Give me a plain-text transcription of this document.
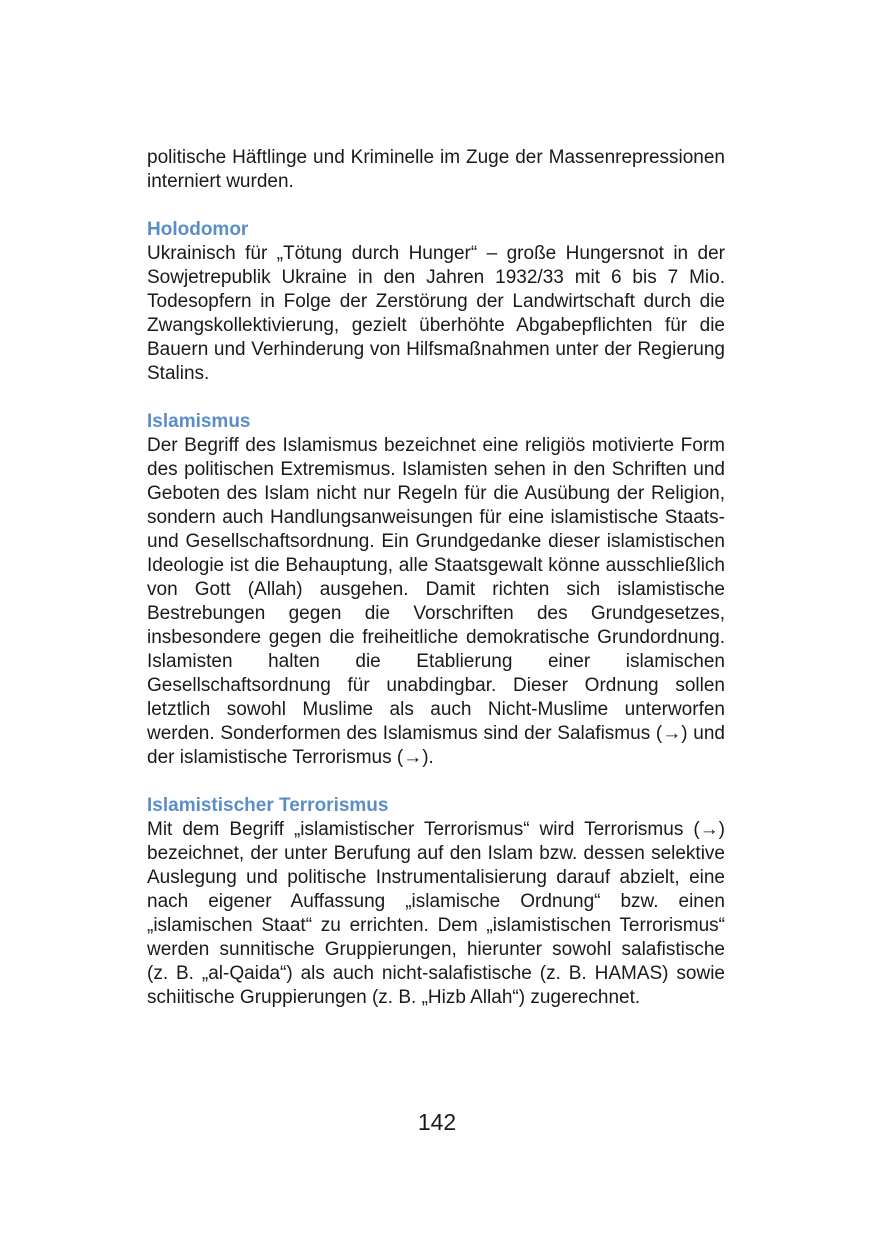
politische Häftlinge und Kriminelle im Zuge der Massenrepressionen interniert wurden.

Holodomor

Ukrainisch für „Tötung durch Hunger“ – große Hungersnot in der Sowjetrepublik Ukraine in den Jahren 1932/33 mit 6 bis 7 Mio. Todesopfern in Folge der Zerstörung der Landwirtschaft durch die Zwangskollektivierung, gezielt überhöhte Abgabepflichten für die Bauern und Verhinderung von Hilfsmaßnahmen unter der Regierung Stalins.

Islamismus

Der Begriff des Islamismus bezeichnet eine religiös motivierte Form des politischen Extremismus. Islamisten sehen in den Schriften und Geboten des Islam nicht nur Regeln für die Ausübung der Religion, sondern auch Handlungsanweisungen für eine islamistische Staats- und Gesellschaftsordnung. Ein Grundgedanke dieser islamistischen Ideologie ist die Behauptung, alle Staatsgewalt könne ausschließlich von Gott (Allah) ausgehen. Damit richten sich islamistische Bestrebungen gegen die Vorschriften des Grundgesetzes, insbesondere gegen die freiheitliche demokratische Grundordnung. Islamisten halten die Etablierung einer islamischen Gesellschaftsordnung für unabdingbar. Dieser Ordnung sollen letztlich sowohl Muslime als auch Nicht-Muslime unterworfen werden. Sonderformen des Islamismus sind der Salafismus (→) und der islamistische Terrorismus (→).

Islamistischer Terrorismus

Mit dem Begriff „islamistischer Terrorismus“ wird Terrorismus (→) bezeichnet, der unter Berufung auf den Islam bzw. dessen selektive Auslegung und politische Instrumentalisierung darauf abzielt, eine nach eigener Auffassung „islamische Ordnung“ bzw. einen „islamischen Staat“ zu errichten. Dem „islamistischen Terrorismus“ werden sunnitische Gruppierungen, hierunter sowohl salafistische (z. B. „al-Qaida“) als auch nicht-salafistische (z. B. HAMAS) sowie schiitische Gruppierungen (z. B. „Hizb Allah“) zugerechnet.

142
